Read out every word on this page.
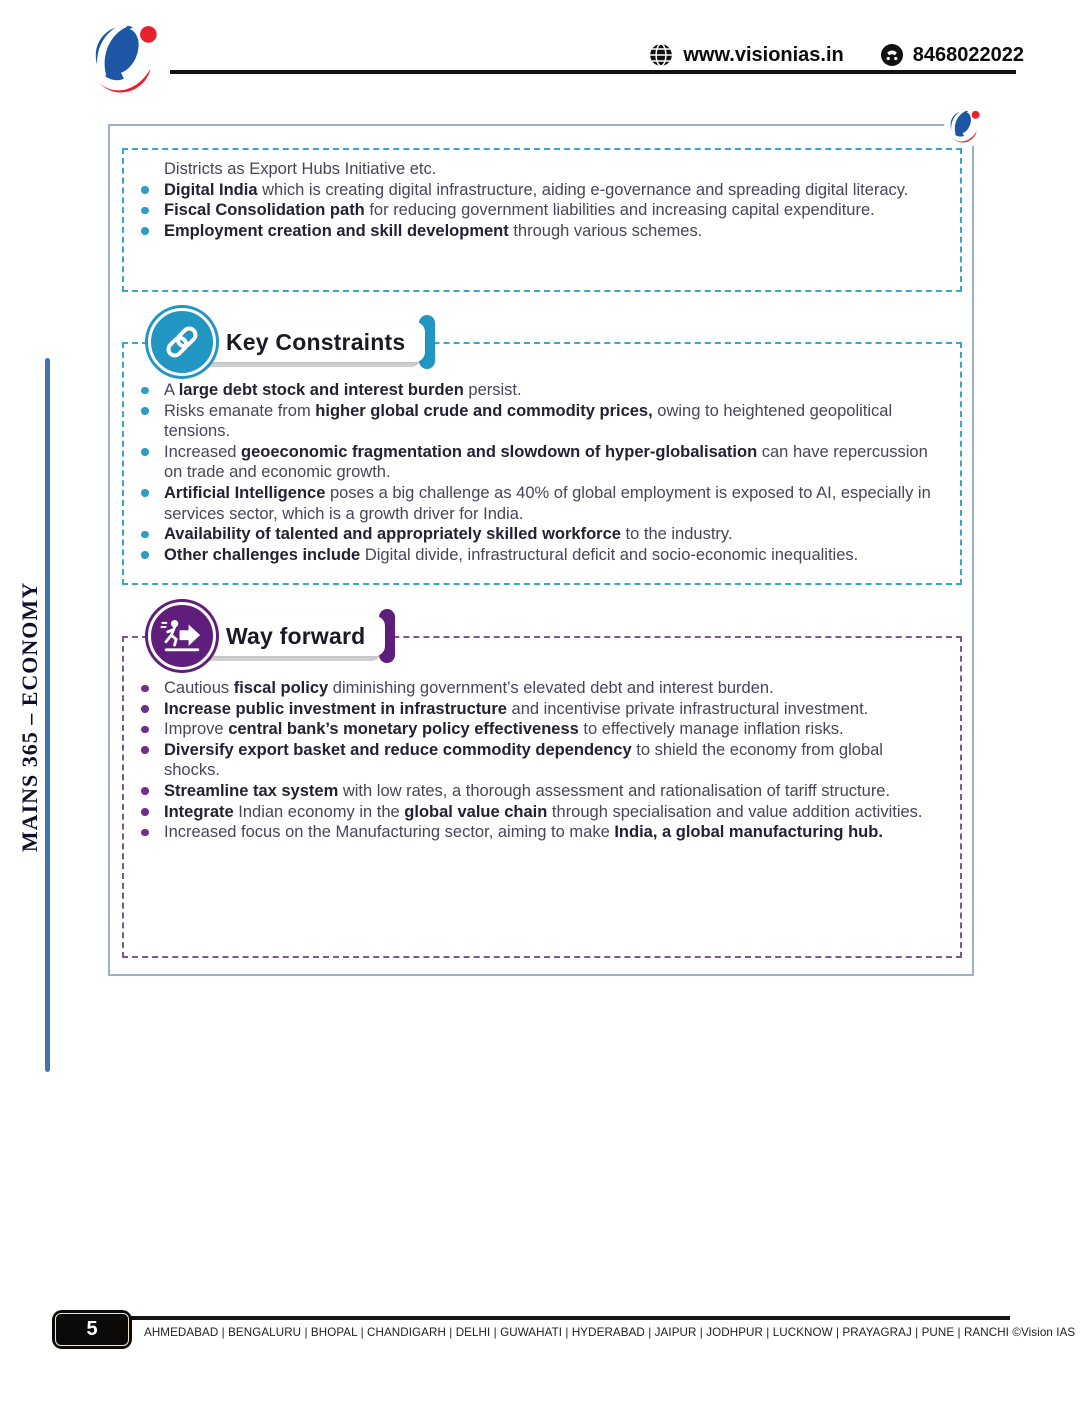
www.visionias.in	8468022022
MAINS 365 – ECONOMY
Districts as Export Hubs Initiative etc.
Digital India which is creating digital infrastructure, aiding e-governance and spreading digital literacy.
Fiscal Consolidation path for reducing government liabilities and increasing capital expenditure.
Employment creation and skill development through various schemes.
Key Constraints
A large debt stock and interest burden persist.
Risks emanate from higher global crude and commodity prices, owing to heightened geopolitical tensions.
Increased geoeconomic fragmentation and slowdown of hyper-globalisation can have repercussion on trade and economic growth.
Artificial Intelligence poses a big challenge as 40% of global employment is exposed to AI, especially in services sector, which is a growth driver for India.
Availability of talented and appropriately skilled workforce to the industry.
Other challenges include Digital divide, infrastructural deficit and socio-economic inequalities.
Way forward
Cautious fiscal policy diminishing government’s elevated debt and interest burden.
Increase public investment in infrastructure and incentivise private infrastructural investment.
Improve central bank’s monetary policy effectiveness to effectively manage inflation risks.
Diversify export basket and reduce commodity dependency to shield the economy from global shocks.
Streamline tax system with low rates, a thorough assessment and rationalisation of tariff structure.
Integrate Indian economy in the global value chain through specialisation and value addition activities.
Increased focus on the Manufacturing sector, aiming to make India, a global manufacturing hub.
5	AHMEDABAD | BENGALURU | BHOPAL | CHANDIGARH | DELHI | GUWAHATI | HYDERABAD | JAIPUR | JODHPUR | LUCKNOW | PRAYAGRAJ | PUNE | RANCHI ©Vision IAS
